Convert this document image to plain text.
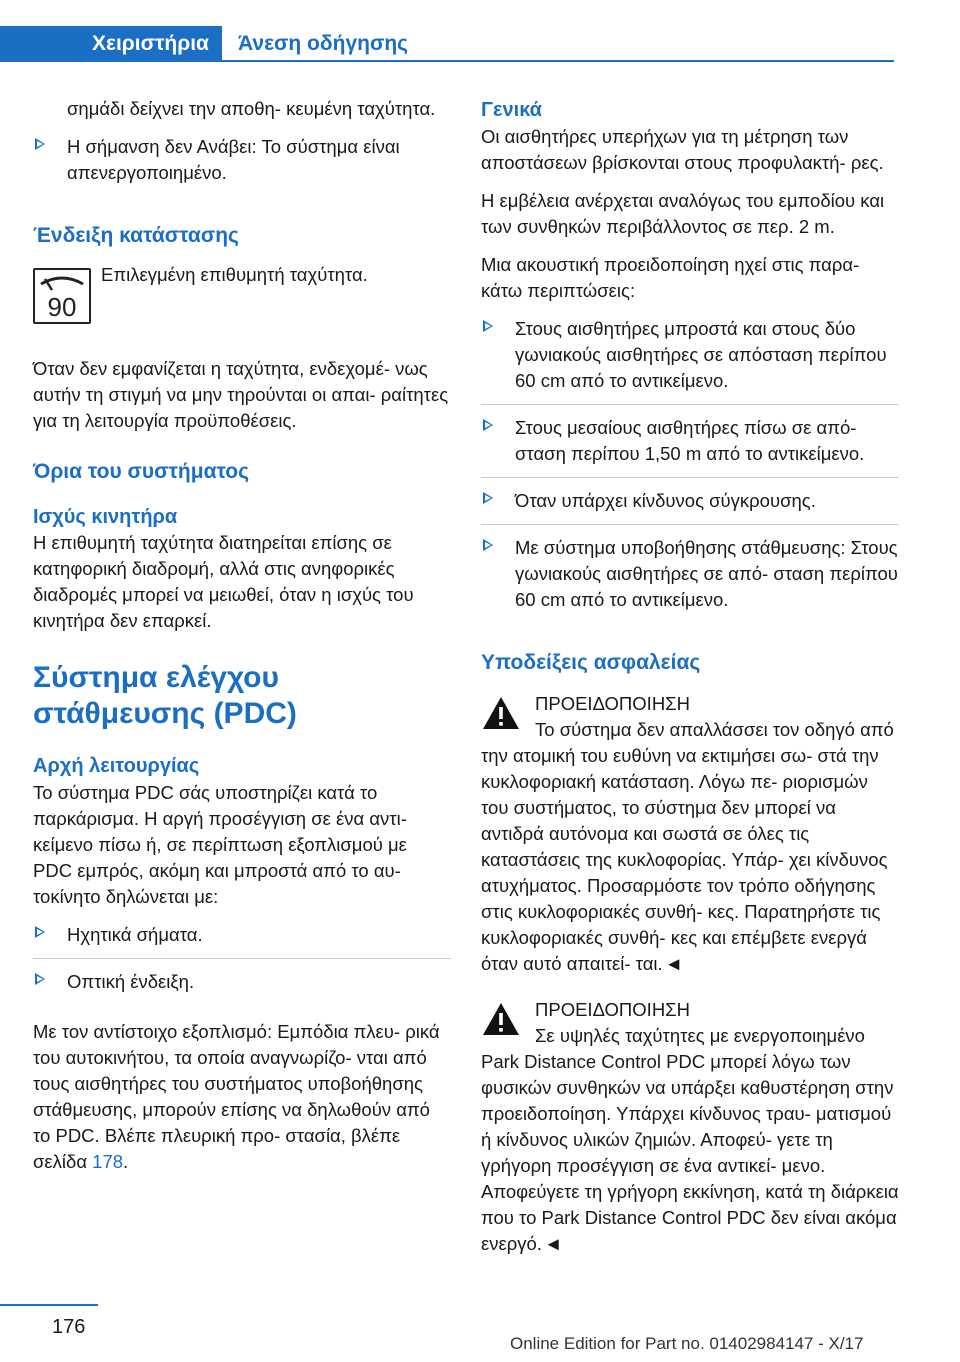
Χειριστήρια	Άνεση οδήγησης

σημάδι δείχνει την αποθη- κευμένη ταχύτητα.

Η σήμανση δεν Ανάβει: Το σύστημα είναι απενεργοποιημένο.
Ένδειξη κατάστασης
90
Επιλεγμένη επιθυμητή ταχύτητα.

Όταν δεν εμφανίζεται η ταχύτητα, ενδεχομέ- νως αυτήν τη στιγμή να μην τηρούνται οι απαι- ραίτητες για τη λειτουργία προϋποθέσεις.

Όρια του συστήματος
Ισχύς κινητήρα

Η επιθυμητή ταχύτητα διατηρείται επίσης σε κατηφορική διαδρομή, αλλά στις ανηφορικές διαδρομές μπορεί να μειωθεί, όταν η ισχύς του κινητήρα δεν επαρκεί.

Σύστημα ελέγχου στάθμευσης (PDC)
Αρχή λειτουργίας

Το σύστημα PDC σάς υποστηρίζει κατά το παρκάρισμα. Η αργή προσέγγιση σε ένα αντι- κείμενο πίσω ή, σε περίπτωση εξοπλισμού με PDC εμπρός, ακόμη και μπροστά από το αυ- τοκίνητο δηλώνεται με:

Ηχητικά σήματα.
Οπτική ένδειξη.

Με τον αντίστοιχο εξοπλισμό: Εμπόδια πλευ- ρικά του αυτοκινήτου, τα οποία αναγνωρίζο- νται από τους αισθητήρες του συστήματος υποβοήθησης στάθμευσης, μπορούν επίσης να δηλωθούν από το PDC. Βλέπε πλευρική προ- στασία, βλέπε σελίδα 178.

Γενικά

Οι αισθητήρες υπερήχων για τη μέτρηση των αποστάσεων βρίσκονται στους προφυλακτή- ρες.

Η εμβέλεια ανέρχεται αναλόγως του εμποδίου και των συνθηκών περιβάλλοντος σε περ. 2 m.

Μια ακουστική προειδοποίηση ηχεί στις παρα- κάτω περιπτώσεις:

Στους αισθητήρες μπροστά και στους δύο γωνιακούς αισθητήρες σε απόσταση περίπου 60 cm από το αντικείμενο.
Στους μεσαίους αισθητήρες πίσω σε από- σταση περίπου 1,50 m από το αντικείμενο.
Όταν υπάρχει κίνδυνος σύγκρουσης.
Με σύστημα υποβοήθησης στάθμευσης: Στους γωνιακούς αισθητήρες σε από- σταση περίπου 60 cm από το αντικείμενο.
Υποδείξεις ασφαλείας
ΠΡΟΕΙΔΟΠΟΙΗΣΗ
Το σύστημα δεν απαλλάσσει τον οδηγό από την ατομική του ευθύνη να εκτιμήσει σω- στά την κυκλοφοριακή κατάσταση. Λόγω πε- ριορισμών του συστήματος, το σύστημα δεν μπορεί να αντιδρά αυτόνομα και σωστά σε όλες τις καταστάσεις της κυκλοφορίας. Υπάρ- χει κίνδυνος ατυχήματος. Προσαρμόστε τον τρόπο οδήγησης στις κυκλοφοριακές συνθή- κες. Παρατηρήστε τις κυκλοφοριακές συνθή- κες και επέμβετε ενεργά όταν αυτό απαιτεί- ται. ◄
ΠΡΟΕΙΔΟΠΟΙΗΣΗ
Σε υψηλές ταχύτητες με ενεργοποιημένο Park Distance Control PDC μπορεί λόγω των φυσικών συνθηκών να υπάρξει καθυστέρηση στην προειδοποίηση. Υπάρχει κίνδυνος τραυ- ματισμού ή κίνδυνος υλικών ζημιών. Αποφεύ- γετε τη γρήγορη προσέγγιση σε ένα αντικεί- μενο. Αποφεύγετε τη γρήγορη εκκίνηση, κατά τη διάρκεια που το Park Distance Control PDC δεν είναι ακόμα ενεργό. ◄
176
Online Edition for Part no. 01402984147 - X/17
